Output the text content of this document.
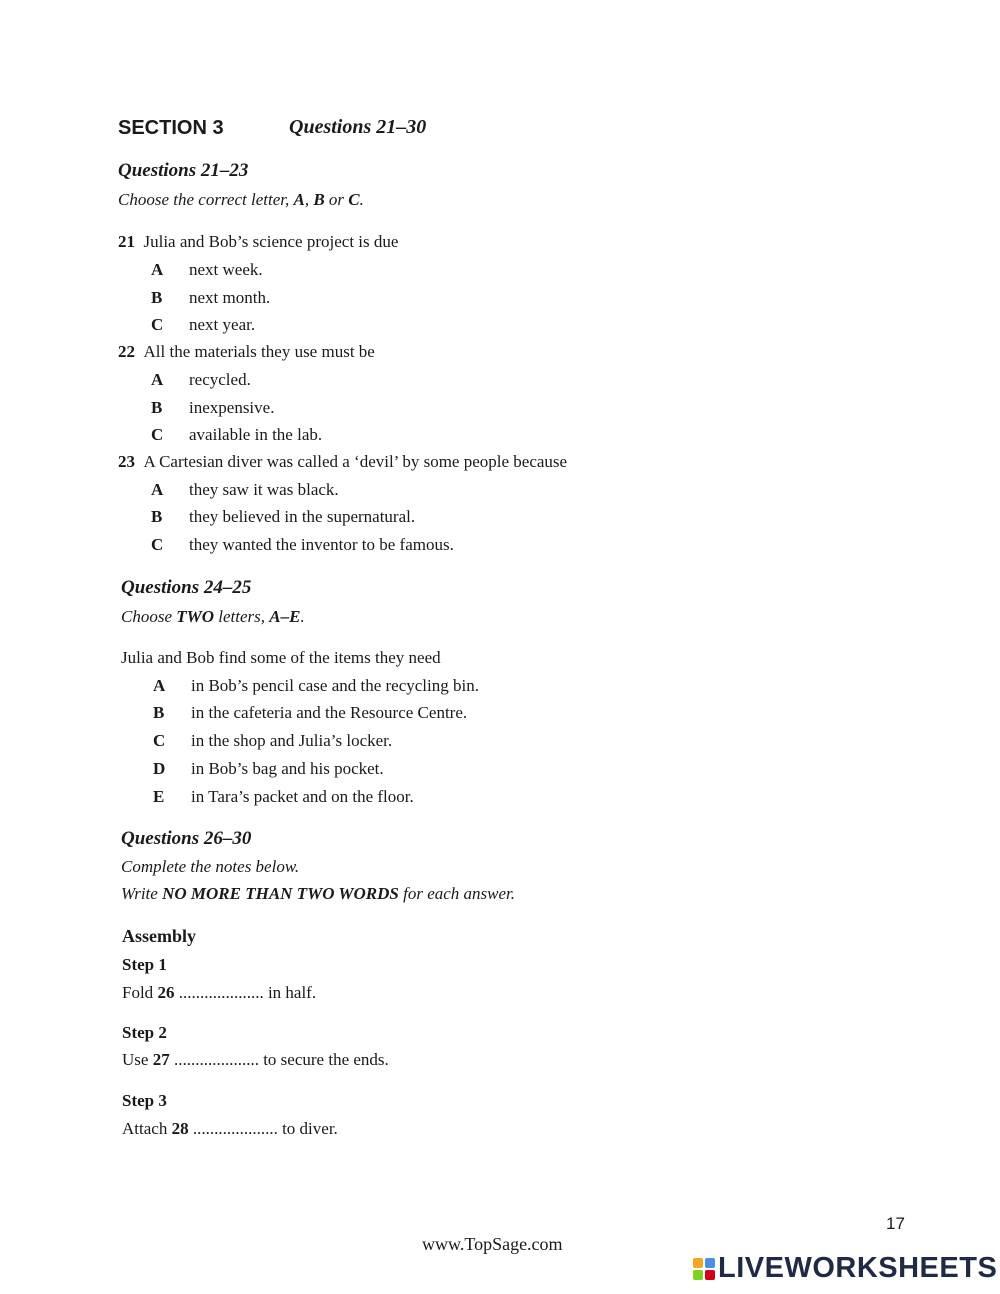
SECTION 3	Questions 21–30
Questions 21–23
Choose the correct letter, A, B or C.
21 Julia and Bob’s science project is due
A next week.
B next month.
C next year.
22 All the materials they use must be
A recycled.
B inexpensive.
C available in the lab.
23 A Cartesian diver was called a ‘devil’ by some people because
A they saw it was black.
B they believed in the supernatural.
C they wanted the inventor to be famous.
Questions 24–25
Choose TWO letters, A–E.
Julia and Bob find some of the items they need
A in Bob’s pencil case and the recycling bin.
B in the cafeteria and the Resource Centre.
C in the shop and Julia’s locker.
D in Bob’s bag and his pocket.
E in Tara’s packet and on the floor.
Questions 26–30
Complete the notes below.
Write NO MORE THAN TWO WORDS for each answer.
Assembly
Step 1
Fold 26 .................... in half.
Step 2
Use 27 .................... to secure the ends.
Step 3
Attach 28 .................... to diver.
17
www.TopSage.com
LIVEWORKSHEETS
